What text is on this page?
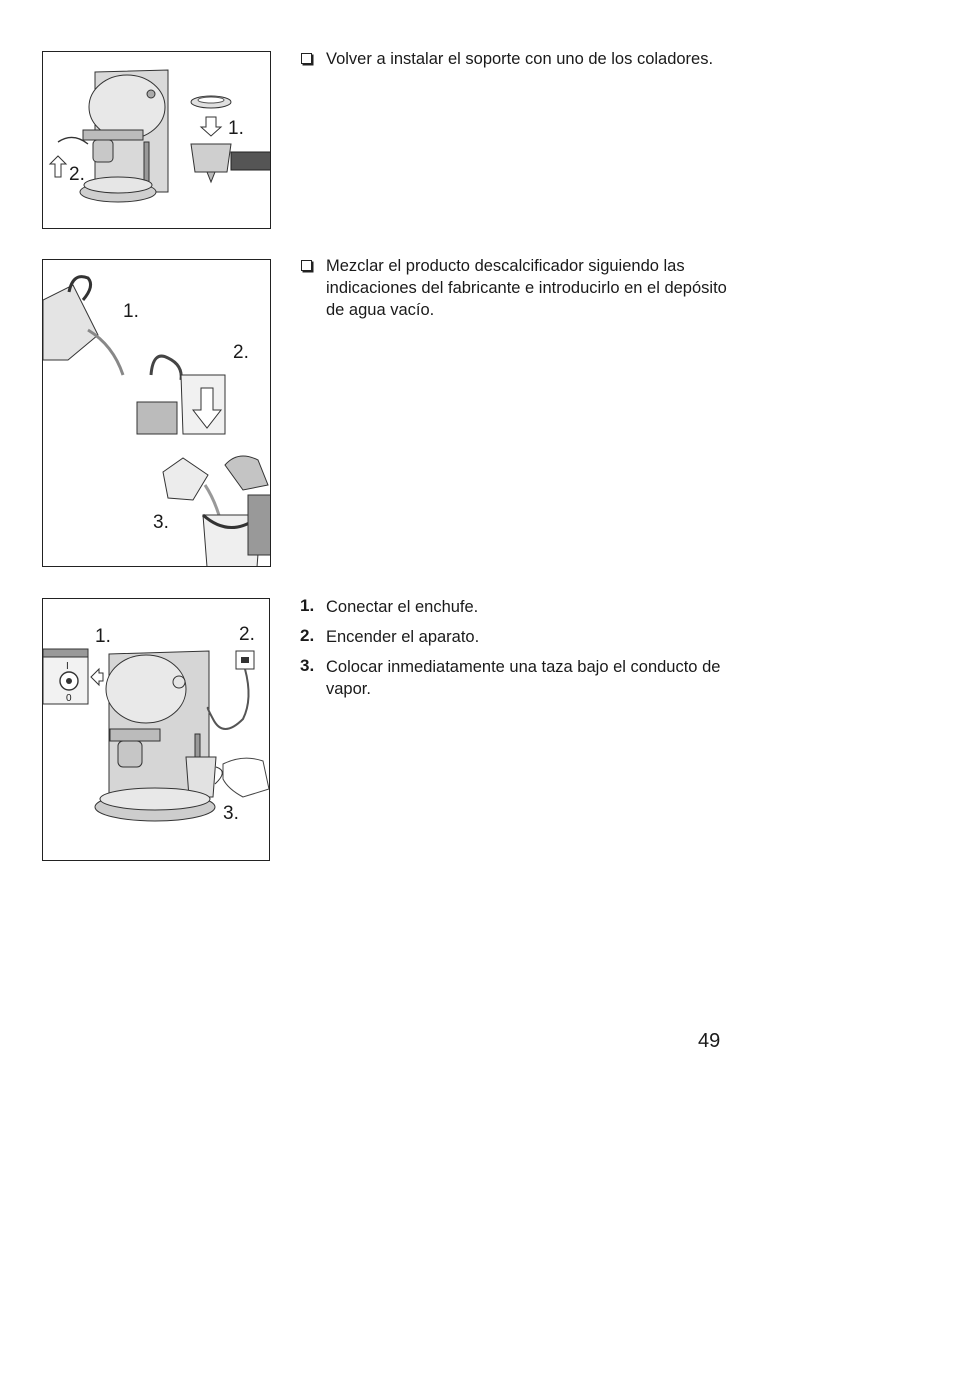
1.
2.
Volver a instalar el soporte con uno de los coladores.
1.
2.
3.
Mezclar el producto descalcificador siguiendo las indicaciones del fabricante e introducirlo en el depósito de agua vacío.
I
0
1.	2.
3.
1. Conectar el enchufe.
2. Encender el aparato.
3. Colocar inmediatamente una taza bajo el conducto de vapor.
49
